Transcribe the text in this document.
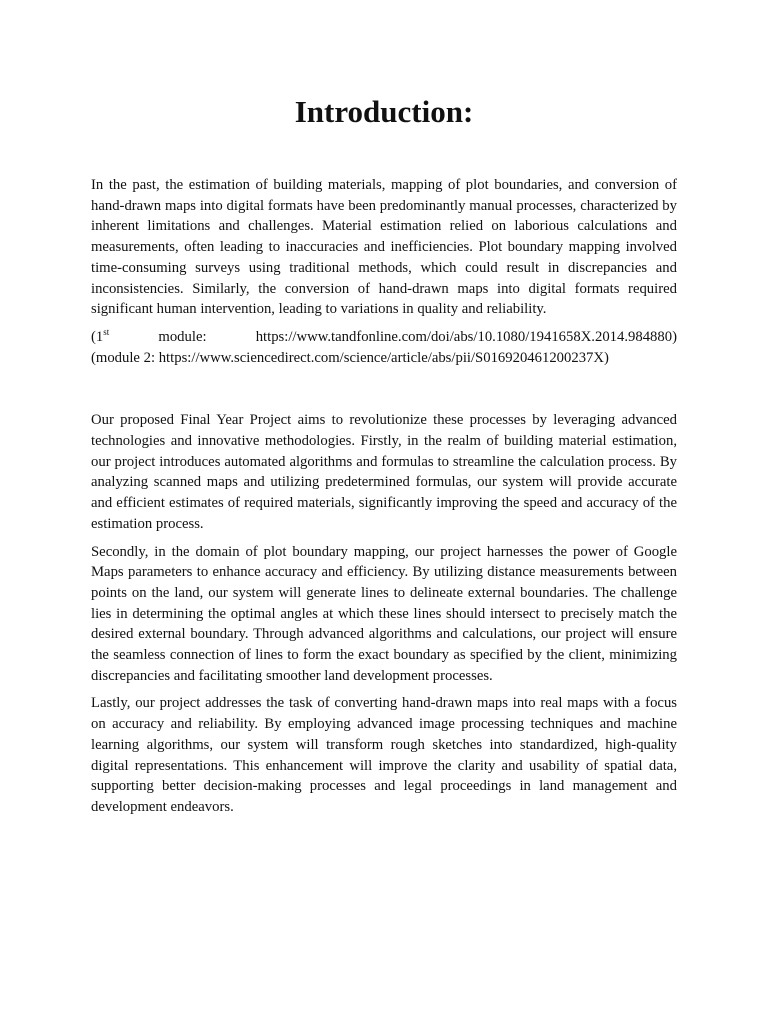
Introduction:

In the past, the estimation of building materials, mapping of plot boundaries, and conversion of hand-drawn maps into digital formats have been predominantly manual processes, characterized by inherent limitations and challenges. Material estimation relied on laborious calculations and measurements, often leading to inaccuracies and inefficiencies. Plot boundary mapping involved time-consuming surveys using traditional methods, which could result in discrepancies and inconsistencies. Similarly, the conversion of hand-drawn maps into digital formats required significant human intervention, leading to variations in quality and reliability.

(1st	module:	https://www.tandfonline.com/doi/abs/10.1080/1941658X.2014.984880)
(module 2: https://www.sciencedirect.com/science/article/abs/pii/S016920461200237X)

Our proposed Final Year Project aims to revolutionize these processes by leveraging advanced technologies and innovative methodologies. Firstly, in the realm of building material estimation, our project introduces automated algorithms and formulas to streamline the calculation process. By analyzing scanned maps and utilizing predetermined formulas, our system will provide accurate and efficient estimates of required materials, significantly improving the speed and accuracy of the estimation process.

Secondly, in the domain of plot boundary mapping, our project harnesses the power of Google Maps parameters to enhance accuracy and efficiency. By utilizing distance measurements between points on the land, our system will generate lines to delineate external boundaries. The challenge lies in determining the optimal angles at which these lines should intersect to precisely match the desired external boundary. Through advanced algorithms and calculations, our project will ensure the seamless connection of lines to form the exact boundary as specified by the client, minimizing discrepancies and facilitating smoother land development processes.

Lastly, our project addresses the task of converting hand-drawn maps into real maps with a focus on accuracy and reliability. By employing advanced image processing techniques and machine learning algorithms, our system will transform rough sketches into standardized, high-quality digital representations. This enhancement will improve the clarity and usability of spatial data, supporting better decision-making processes and legal proceedings in land management and development endeavors.
